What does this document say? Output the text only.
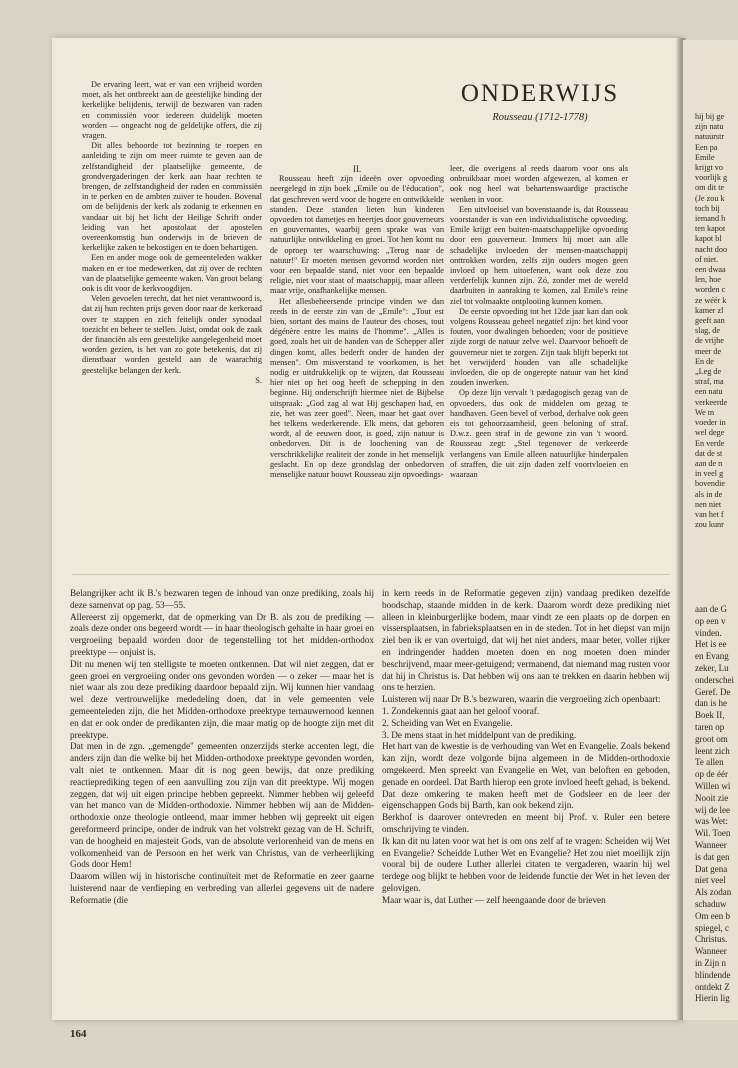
De ervaring leert, wat er van een vrijheid worden moet, als het ontbreekt aan de geestelijke binding der kerkelijke belijdenis, terwijl de bezwaren van raden en commissiën voor iedereen duidelijk moeten worden — ongeacht nog de geldelijke offers, die zij vragen.

Dit alles behoorde tot bezinning te roepen en aanleiding te zijn om meer ruimte te geven aan de zelfstandigheid der plaatselijke gemeente, de grondvergaderingen der kerk aan haar rechten te brengen, de zelfstandigheid der raden en commissiën in te perken en de ambten zuiver te houden. Bovenal om de belijdenis der kerk als zodanig te erkennen en vandaar uit bij het licht der Heilige Schrift onder leiding van het apostolaat der apostelen overeenkomstig hun onderwijs in de brieven de kerkelijke zaken te bekostigen en te doen behartigen.

Een en ander moge ook de gemeenteleden wakker maken en er toe medewerken, dat zij over de rechten van de plaatselijke gemeente waken. Van groot belang ook is dit voor de kerkvoogdijen.

Velen gevoelen terecht, dat het niet verantwoord is, dat zij hun rechten prijs geven door naar de kerkeraad over te stappen en zich feitelijk onder synodaal toezicht en beheer te stellen. Juist, omdat ook de zaak der financiën als een geestelijke aangelegenheid moet worden gezien, is het van zo gote betekenis, dat zij dienstbaar worden gesteld aan de waarachtig geestelijke belangen der kerk.

S.

ONDERWIJS
Rousseau (1712-1778)

II.

Rousseau heeft zijn ideeën over opvoeding neergelegd in zijn boek „Emile ou de l'éducation", dat geschreven werd voor de hogere en ontwikkelde standen. Deze standen lieten hun kinderen opvoeden tot dametjes en heertjes door gouverneurs en gouvernantes, waarbij geen sprake was van natuurlijke ontwikkeling en groei. Tot hen komt nu de oproep ter waarschuwing: „Terug naar de natuur!" Er moeten mensen gevormd worden niet voor een bepaalde stand, niet voor een bepaalde religie, niet voor staat of maatschappij, maar alleen maar vrije, onafhankelijke mensen.

Het allesbeheersende principe vinden we dan reeds in de eerste zin van de „Emile": „Tout est bien, sortant des mains de l'auteur des choses, tout dégénère entre les mains de l'homme". „Alles is goed, zoals het uit de handen van de Schepper aller dingen komt, alles bederft onder de handen der mensen". Om misverstand te voorkomen, is het nodig er uitdrukkelijk op te wijzen, dat Rousseau hier niet op het oog heeft de schepping in den beginne. Hij onderschrijft hiermee niet de Bijbelse uitspraak: „God zag al wat Hij geschapen had, en zie, het was zeer goed". Neen, maar het gaat over het telkens wederkerende. Elk mens, dat geboren wordt, al de eeuwen door, is goed, zijn natuur is onbedorven. Dit is de loochening van de verschrikkelijke realiteit der zonde in het menselijk geslacht. En op deze grondslag der onbedorven menselijke natuur bouwt Rousseau zijn opvoedings-

leer, die overigens al reeds daarom voor ons als onbruikbaar moet worden afgewezen, al komen er ook nog heel wat behartenswaardige practische wenken in voor.

Een uitvloeisel van bovenstaande is, dat Rousseau voorstander is van een individualistische opvoeding. Emile krijgt een buiten-maatschappelijke opvoeding door een gouverneur. Immers hij moet aan alle schadelijke invloeden der mensen-maatschappij onttrokken worden, zelfs zijn ouders mogen geen invloed op hem uitoefenen, want ook deze zou verderfelijk kunnen zijn. Zó, zonder met de wereld daarbuiten in aanraking te komen, zal Emile's reine ziel tot volmaakte ontplooiing kunnen komen.

De eerste opvoeding tot het 12de jaar kan dan ook volgens Rousseau geheel negatief zijn: het kind voor fouten, voor dwalingen behoeden; voor de positieve zijde zorgt de natuur zelve wel. Daarvoor behoeft de gouverneur niet te zorgen. Zijn taak blijft beperkt tot het verwijderd houden van alle schadelijke invloeden, die op de ongerepte natuur van het kind zouden inwerken.

Op deze lijn vervalt 't pædagogisch gezag van de opvoeders, dus ook de middelen om gezag te handhaven. Geen bevel of verbod, derhalve ook geen eis tot gehoorzaamheid, geen beloning of straf. D.w.z. geen straf in de gewone zin van 't woord. Rousseau zegt: „Stel tegenover de verkeerde verlangens van Emile alleen natuurlijke hinderpalen of straffen, die uit zijn daden zelf voortvloeien en waaraan

Belangrijker acht ik B.'s bezwaren tegen de inhoud van onze prediking, zoals hij deze samenvat op pag. 53—55.

Allereerst zij opgemerkt, dat de opmerking van Dr B. als zou de prediking — zoals deze onder ons begeerd wordt — in haar theologisch gehalte in haar groei en vergroeiing bepaald worden door de tegenstelling tot het midden-orthodox preektype — onjuist is.

Dit nu menen wij ten stelligste te moeten ontkennen. Dat wil niet zeggen, dat er geen groei en vergroeiing onder ons gevonden worden — o zeker — maar het is niet waar als zou deze prediking daardoor bepaald zijn. Wij kunnen hier vandaag wel deze vertrouwelijke mededeling doen, dat in vele gemeenten vele gemeenteleden zijn, die het Midden-orthodoxe preektype ternauwernood kennen en dat er ook onder de predikanten zijn, die maar matig op de hoogte zijn met dit preektype.

Dat men in de zgn. „gemengde" gemeenten onzerzijds sterke accenten legt, die anders zijn dan die welke bij het Midden-orthodoxe preektype gevonden worden, valt niet te ontkennen. Maar dit is nog geen bewijs, dat onze prediking reactieprediking tegen of een aanvulling zou zijn van dit preektype. Wij mogen zeggen, dat wij uit eigen principe hebben gepreekt. Nimmer hebben wij geleefd van het manco van de Midden-orthodoxie. Nimmer hebben wij aan de Midden-orthodoxie onze theologie ontleend, maar immer hebben wij gepreekt uit eigen gereformeerd principe, onder de indruk van het volstrekt gezag van de H. Schrift, van de hoogheid en majesteit Gods, van de absolute verlorenheid van de mens en volkomenheid van de Persoon en het werk van Christus, van de verheerlijking Gods door Hem!

Daarom willen wij in historische continuïteit met de Reformatie en zeer gaarne luisterend naar de verdieping en verbreding van allerlei gegevens uit de nadere Reformatie (die

in kern reeds in de Reformatie gegeven zijn) vandaag prediken dezelfde boodschap, staande midden in de kerk. Daarom wordt deze prediking niet alleen in kleinburgerlijke bodem, maar vindt ze een plaats op de dorpen en vissersplaatsen, in fabrieksplaatsen en in de steden. Tot in het diepst van mijn ziel ben ik er van overtuigd, dat wij het niet anders, maar beter, voller rijker en indringender hadden moeten doen en nog moeten doen minder beschrijvend, maar meer-getuigend; vermanend, dat niemand mag rusten voor dat hij in Christus is. Dat hebben wij ons aan te trekken en daarin hebben wij ons te herzien.

Luisteren wij naar Dr B.'s bezwaren, waarin die vergroeiing zich openbaart:

1. Zondekennis gaat aan het geloof vooraf.

2. Scheiding van Wet en Evangelie.

3. De mens staat in het middelpunt van de prediking.

Het hart van de kwestie is de verhouding van Wet en Evangelie. Zoals bekend kan zijn, wordt deze volgorde bijna algemeen in de Midden-orthodoxie omgekeerd. Men spreekt van Evangelie en Wet, van beloften en geboden, genade en oordeel. Dat Barth hierop een grote invloed heeft gehad, is bekend. Dat deze omkering te maken heeft met de Godsleer en de leer der eigenschappen Gods bij Barth, kan ook bekend zijn.

Berkhof is daarover ontevreden en meent bij Prof. v. Ruler een betere omschrijving te vinden.

Ik kan dit nu laten voor wat het is om ons zelf af te vragen: Scheiden wij Wet en Evangelie? Scheidde Luther Wet en Evangelie? Het zou niet moeilijk zijn vooral bij de oudere Luther allerlei citaten te vergaderen, waarin hij wel terdege oog blijkt te hebben voor de leidende functie der Wet in het leven der gelovigen.

Maar waar is, dat Luther — zelf heengaande door de brieven

164
hij bij ge
zijn natu
natuurstr
Een pa
Emile
krijgt vo
voorlijk g
om dit te
(Je zou k
toch bij
iemand h
ten kapot
kapot bl
nacht doo
of niet.
een dwaa
len, hoe
worden c
ze wéér k
kamer zl
geeft aan
slag, de
de vrijhe
meer de
En de
„Leg de
straf, ma
een natu
verkeerde
We m
voeder in
wel dege
En verde
dat de st
aan de n
in veel g
bovendie
als in de
nen niet
van het f
zou kunr
aan de G
op een v
vinden.
Het is ee
en Evang
zeker, Lu
onderschei
Geref. De
dan is he
Boek II,
taren op
groot om
leent zich
Te allen
op de éér
Willen wi
Nooit zie
wij de lee
was Wet:
Wil. Toen
Wanneer
is dat gen
Dat gena
niet veel
Als zodan
schaduw
Om een b
spiegel, c
Christus.
Wanneer
in Zijn n
blindende
ontdekt Z
Hierin lig
